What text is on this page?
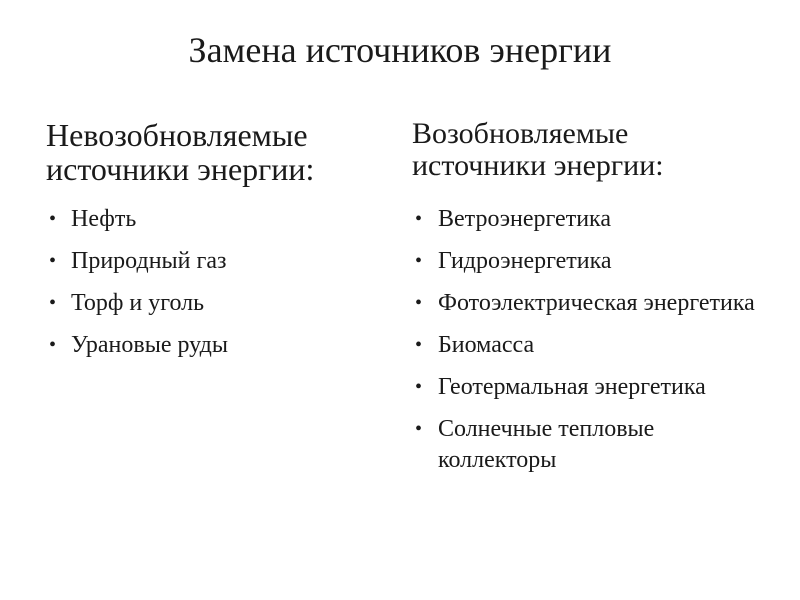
Замена источников энергии
Невозобновляемые
источники энергии:
• Нефть
• Природный газ
• Торф и уголь
• Урановые руды
Возобновляемые
источники энергии:
• Ветроэнергетика
• Гидроэнергетика
• Фотоэлектрическая энергетика
• Биомасса
• Геотермальная энергетика
• Солнечные тепловые коллекторы
